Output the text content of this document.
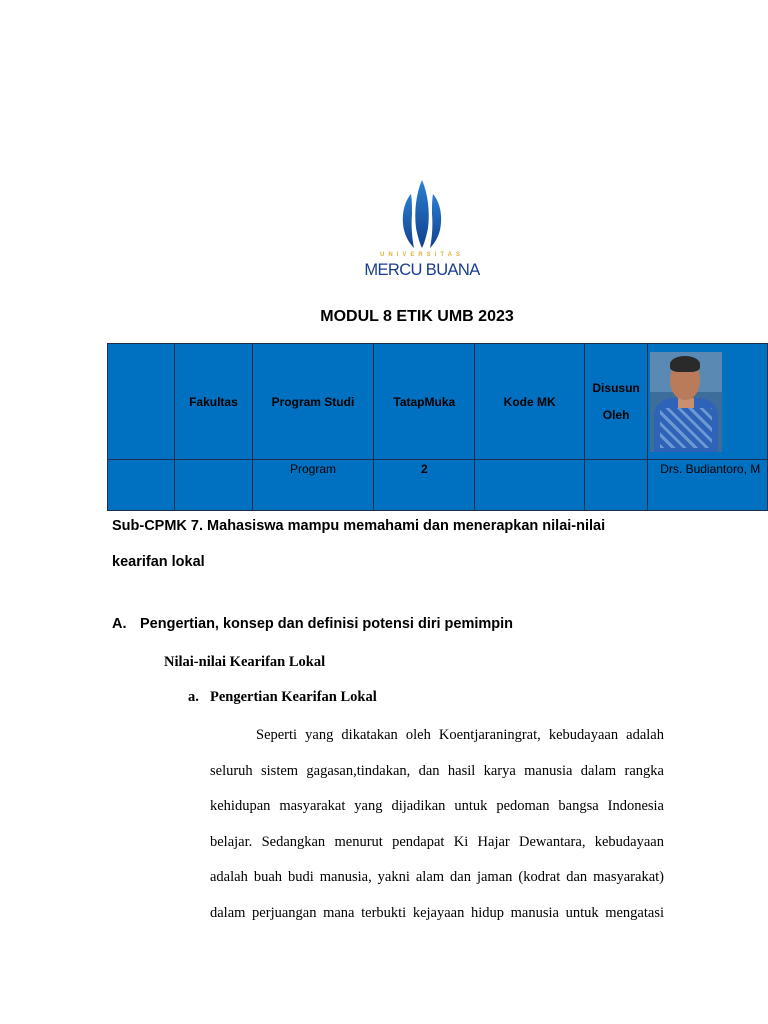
UNIVERSITAS
MERCU BUANA
MODUL 8 ETIK UMB 2023
	Fakultas	Program Studi	TatapMuka	Kode MK	Disusun Oleh	

		Program	2			Drs. Budiantoro, M
Sub-CPMK 7. Mahasiswa mampu memahami dan menerapkan nilai-nilai
kearifan lokal
A. Pengertian, konsep dan definisi potensi diri pemimpin
Nilai-nilai Kearifan Lokal
a. Pengertian Kearifan Lokal
Seperti yang dikatakan oleh Koentjaraningrat, kebudayaan adalah
seluruh sistem gagasan,tindakan, dan hasil karya manusia dalam rangka
kehidupan masyarakat yang dijadikan untuk pedoman bangsa Indonesia
belajar. Sedangkan menurut pendapat Ki Hajar Dewantara, kebudayaan
adalah buah budi manusia, yakni alam dan jaman (kodrat dan masyarakat)
dalam perjuangan mana terbukti kejayaan hidup manusia untuk mengatasi
